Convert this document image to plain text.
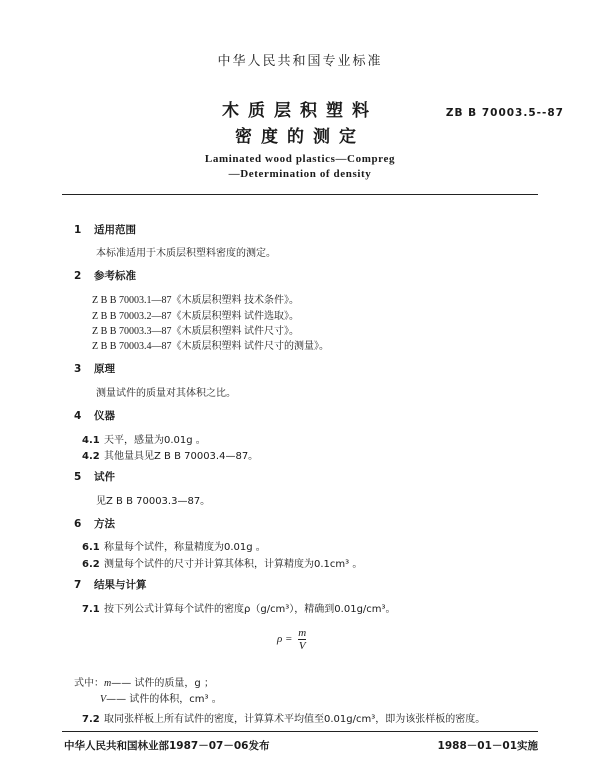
中华人民共和国专业标准
木质层积塑料
密度的测定
ZB B 70003.5--87
Laminated wood plastics—Compreg
—Determination of density
1 适用范围
本标准适用于木质层积塑料密度的测定。
2 参考标准
Z B B 70003.1—87《木质层积塑料 技术条件》。
Z B B 70003.2—87《木质层积塑料 试件选取》。
Z B B 70003.3—87《木质层积塑料 试件尺寸》。
Z B B 70003.4—87《木质层积塑料 试件尺寸的测量》。
3 原理
测量试件的质量对其体积之比。
4 仪器
4.1 天平，感量为0.01g 。
4.2 其他量具见Z B B 70003.4—87。
5 试件
见Z B B 70003.3—87。
6 方法
6.1 称量每个试件，称量精度为0.01g 。
6.2 测量每个试件的尺寸并计算其体积，计算精度为0.1cm³ 。
7 结果与计算
7.1 按下列公式计算每个试件的密度ρ（g/cm³），精确到0.01g/cm³。
$\rho = \frac{m}{V}$
式中：m—— 试件的质量，g ；
V—— 试件的体积，cm³ 。
7.2 取同张样板上所有试件的密度，计算算术平均值至0.01g/cm³，即为该张样板的密度。
中华人民共和国林业部1987－07－06发布	1988－01－01实施
